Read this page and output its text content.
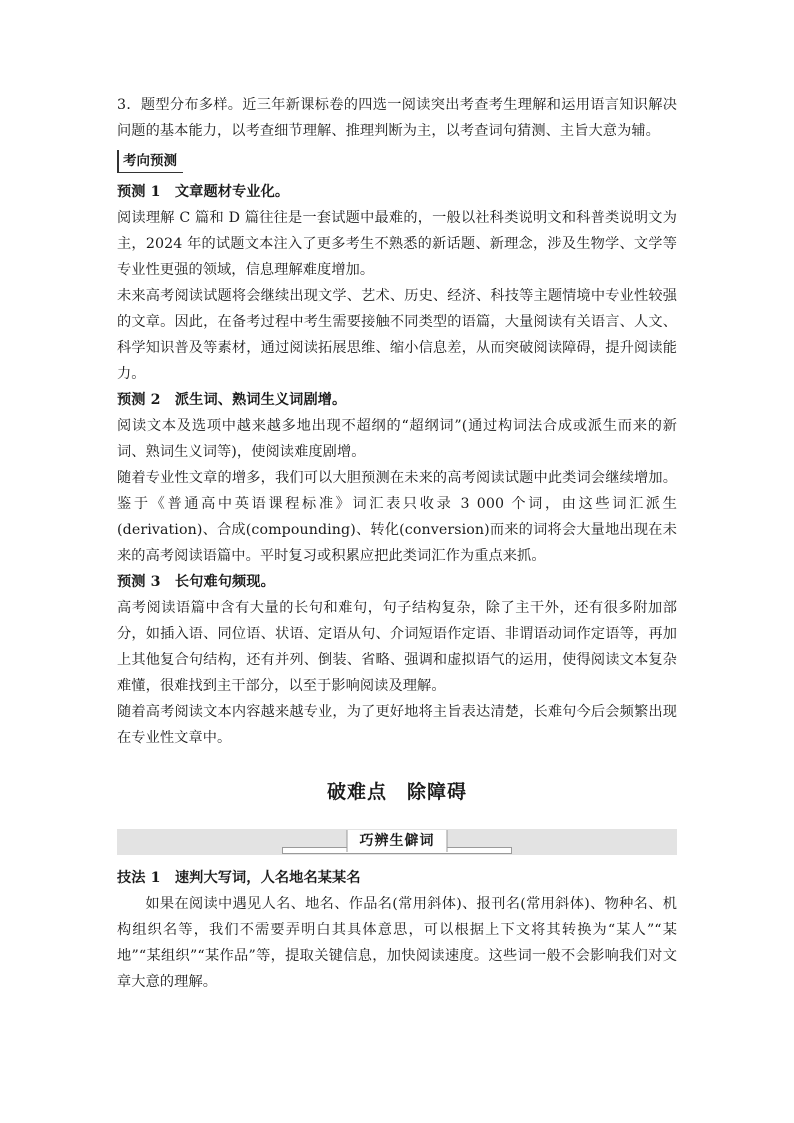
3．题型分布多样。近三年新课标卷的四选一阅读突出考查考生理解和运用语言知识解决问题的基本能力，以考查细节理解、推理判断为主，以考查词句猜测、主旨大意为辅。

考向预测

预测 1　文章题材专业化。

阅读理解 C 篇和 D 篇往往是一套试题中最难的，一般以社科类说明文和科普类说明文为主，2024 年的试题文本注入了更多考生不熟悉的新话题、新理念，涉及生物学、文学等专业性更强的领域，信息理解难度增加。

未来高考阅读试题将会继续出现文学、艺术、历史、经济、科技等主题情境中专业性较强的文章。因此，在备考过程中考生需要接触不同类型的语篇，大量阅读有关语言、人文、科学知识普及等素材，通过阅读拓展思维、缩小信息差，从而突破阅读障碍，提升阅读能力。

预测 2　派生词、熟词生义词剧增。

阅读文本及选项中越来越多地出现不超纲的“超纲词”(通过构词法合成或派生而来的新词、熟词生义词等)，使阅读难度剧增。

随着专业性文章的增多，我们可以大胆预测在未来的高考阅读试题中此类词会继续增加。鉴于《普通高中英语课程标准》词汇表只收录 3 000 个词，由这些词汇派生(derivation)、合成(compounding)、转化(conversion)而来的词将会大量地出现在未来的高考阅读语篇中。平时复习或积累应把此类词汇作为重点来抓。

预测 3　长句难句频现。

高考阅读语篇中含有大量的长句和难句，句子结构复杂，除了主干外，还有很多附加部分，如插入语、同位语、状语、定语从句、介词短语作定语、非谓语动词作定语等，再加上其他复合句结构，还有并列、倒装、省略、强调和虚拟语气的运用，使得阅读文本复杂难懂，很难找到主干部分，以至于影响阅读及理解。

随着高考阅读文本内容越来越专业，为了更好地将主旨表达清楚，长难句今后会频繁出现在专业性文章中。

破难点　除障碍
巧辨生僻词

技法 1　速判大写词，人名地名某某名

如果在阅读中遇见人名、地名、作品名(常用斜体)、报刊名(常用斜体)、物种名、机构组织名等，我们不需要弄明白其具体意思，可以根据上下文将其转换为“某人”“某地”“某组织”“某作品”等，提取关键信息，加快阅读速度。这些词一般不会影响我们对文章大意的理解。
